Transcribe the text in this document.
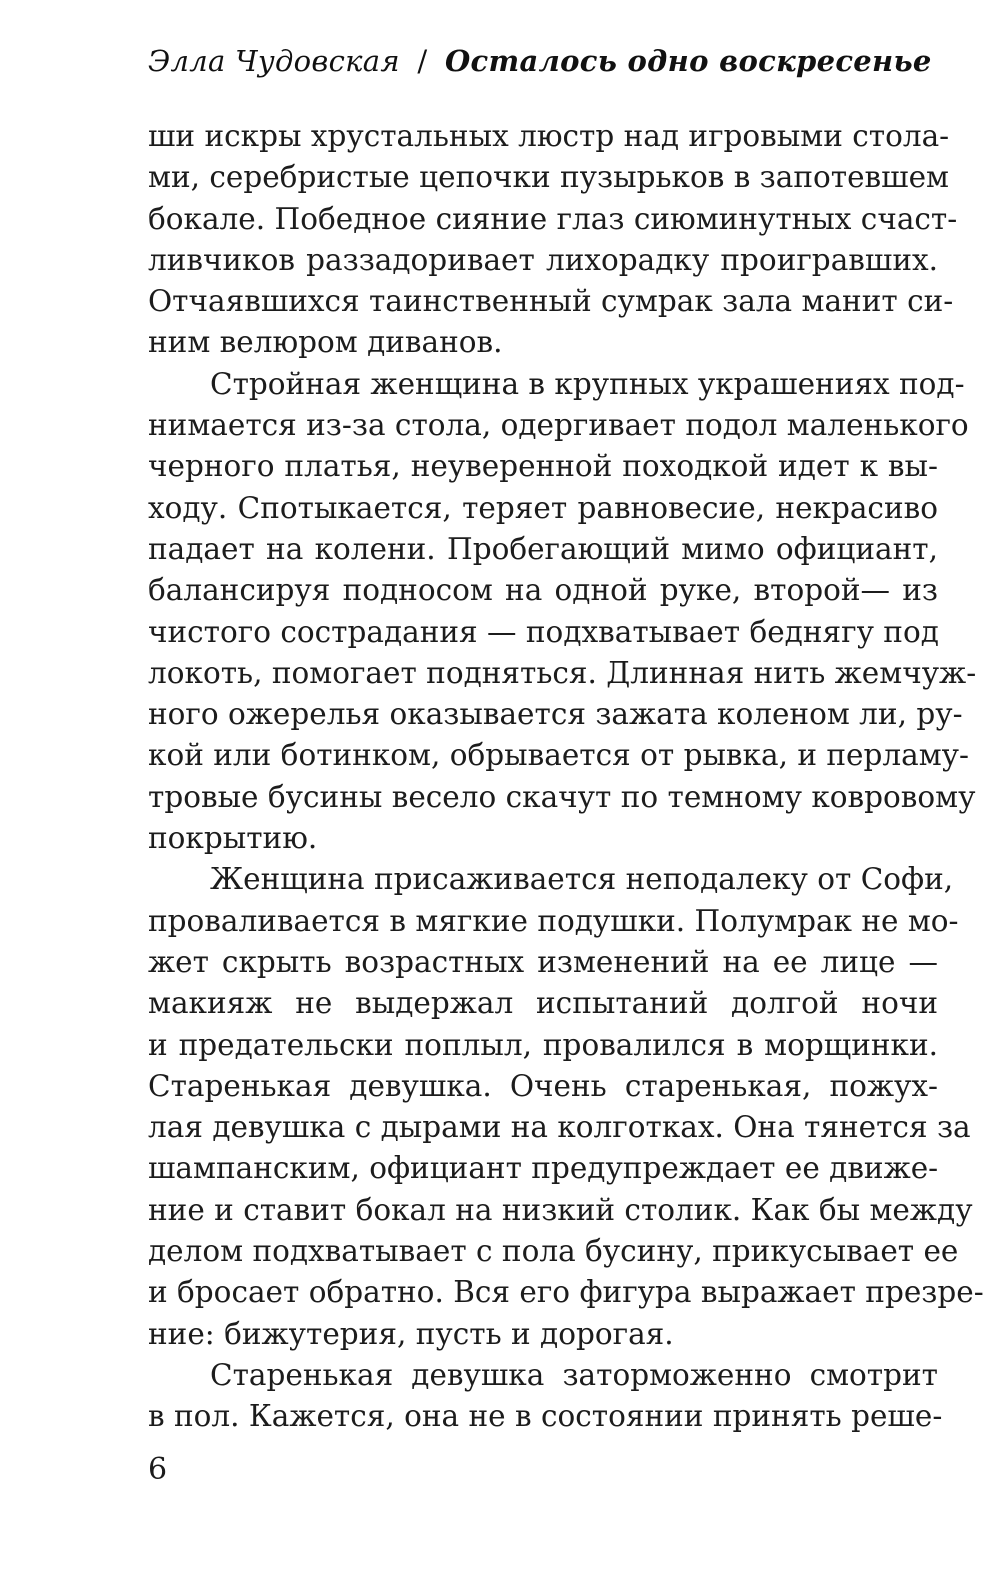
Элла Чудовская / Осталось одно воскресенье
ши искры хрустальных люстр над игровыми стола-
ми, серебристые цепочки пузырьков в запотевшем
бокале. Победное сияние глаз сиюминутных счаст-
ливчиков раззадоривает лихорадку проигравших.
Отчаявшихся таинственный сумрак зала манит си-
ним велюром диванов.
Стройная женщина в крупных украшениях под-
нимается из-за стола, одергивает подол маленького
черного платья, неуверенной походкой идет к вы-
ходу. Спотыкается, теряет равновесие, некрасиво
падает на колени. Пробегающий мимо официант,
балансируя подносом на одной руке, второй— из
чистого сострадания — подхватывает беднягу под
локоть, помогает подняться. Длинная нить жемчуж-
ного ожерелья оказывается зажата коленом ли, ру-
кой или ботинком, обрывается от рывка, и перламу-
тровые бусины весело скачут по темному ковровому
покрытию.
Женщина присаживается неподалеку от Софи,
проваливается в мягкие подушки. Полумрак не мо-
жет скрыть возрастных изменений на ее лице —
макияж не выдержал испытаний долгой ночи
и предательски поплыл, провалился в морщинки.
Старенькая девушка. Очень старенькая, пожух-
лая девушка с дырами на колготках. Она тянется за
шампанским, официант предупреждает ее движе-
ние и ставит бокал на низкий столик. Как бы между
делом подхватывает с пола бусину, прикусывает ее
и бросает обратно. Вся его фигура выражает презре-
ние: бижутерия, пусть и дорогая.
Старенькая девушка заторможенно смотрит
в пол. Кажется, она не в состоянии принять реше-
6
